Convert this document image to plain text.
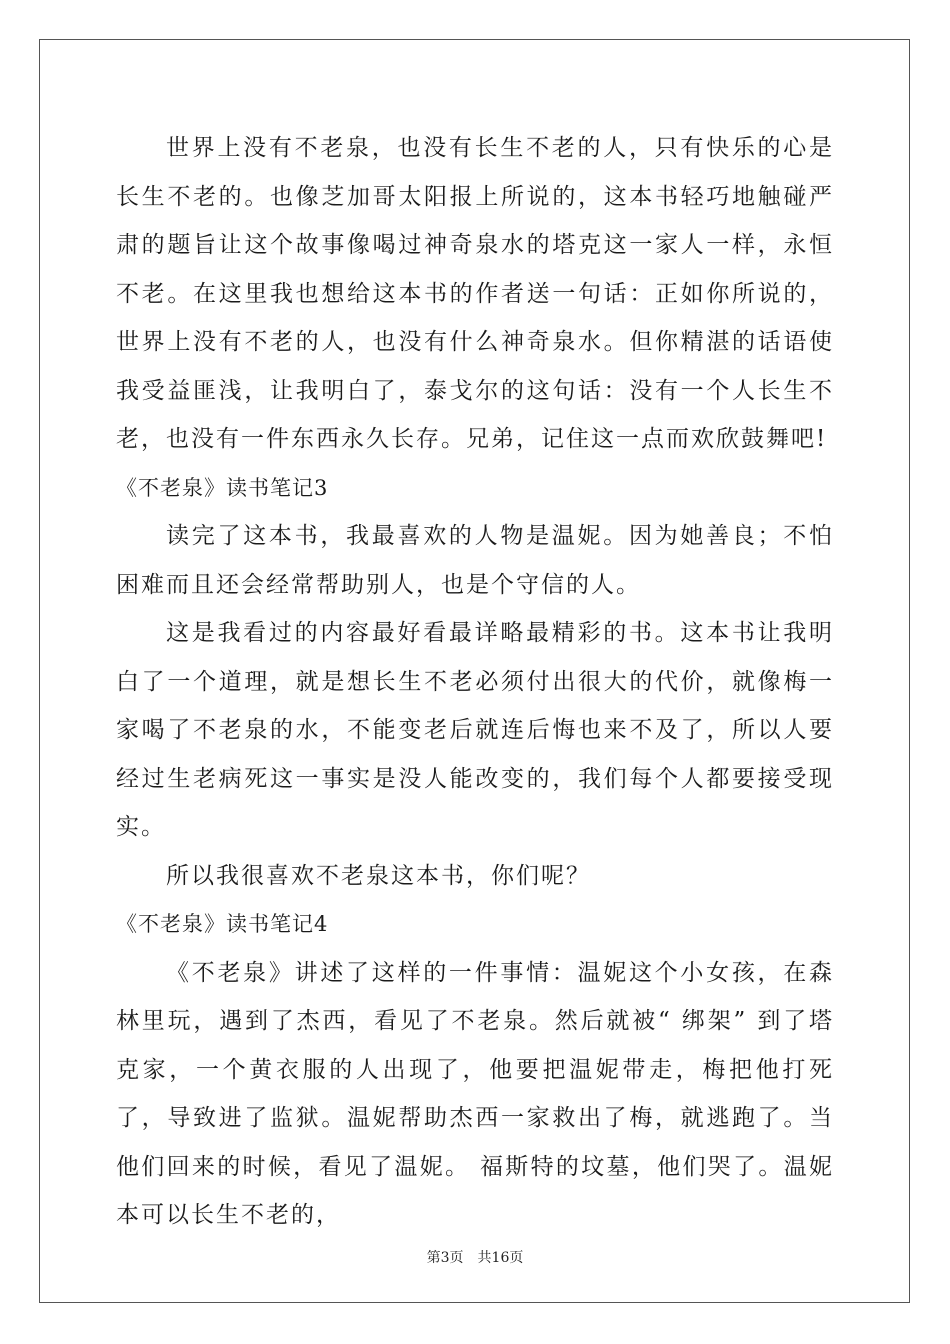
世界上没有不老泉，也没有长生不老的人，只有快乐的心是长生不老的。也像芝加哥太阳报上所说的，这本书轻巧地触碰严肃的题旨让这个故事像喝过神奇泉水的塔克这一家人一样，永恒不老。在这里我也想给这本书的作者送一句话：正如你所说的，世界上没有不老的人，也没有什么神奇泉水。但你精湛的话语使我受益匪浅，让我明白了，泰戈尔的这句话：没有一个人长生不老，也没有一件东西永久长存。兄弟，记住这一点而欢欣鼓舞吧!

《不老泉》读书笔记3

读完了这本书，我最喜欢的人物是温妮。因为她善良；不怕困难而且还会经常帮助别人，也是个守信的人。

这是我看过的内容最好看最详略最精彩的书。这本书让我明白了一个道理，就是想长生不老必须付出很大的代价，就像梅一家喝了不老泉的水，不能变老后就连后悔也来不及了，所以人要经过生老病死这一事实是没人能改变的，我们每个人都要接受现实。

所以我很喜欢不老泉这本书，你们呢？

《不老泉》读书笔记4

《不老泉》讲述了这样的一件事情：温妮这个小女孩，在森林里玩，遇到了杰西，看见了不老泉。然后就被“ 绑架” 到了塔克家，一个黄衣服的人出现了，他要把温妮带走，梅把他打死了，导致进了监狱。温妮帮助杰西一家救出了梅，就逃跑了。当他们回来的时候，看见了温妮。 福斯特的坟墓，他们哭了。温妮本可以长生不老的，

第3页 共16页
